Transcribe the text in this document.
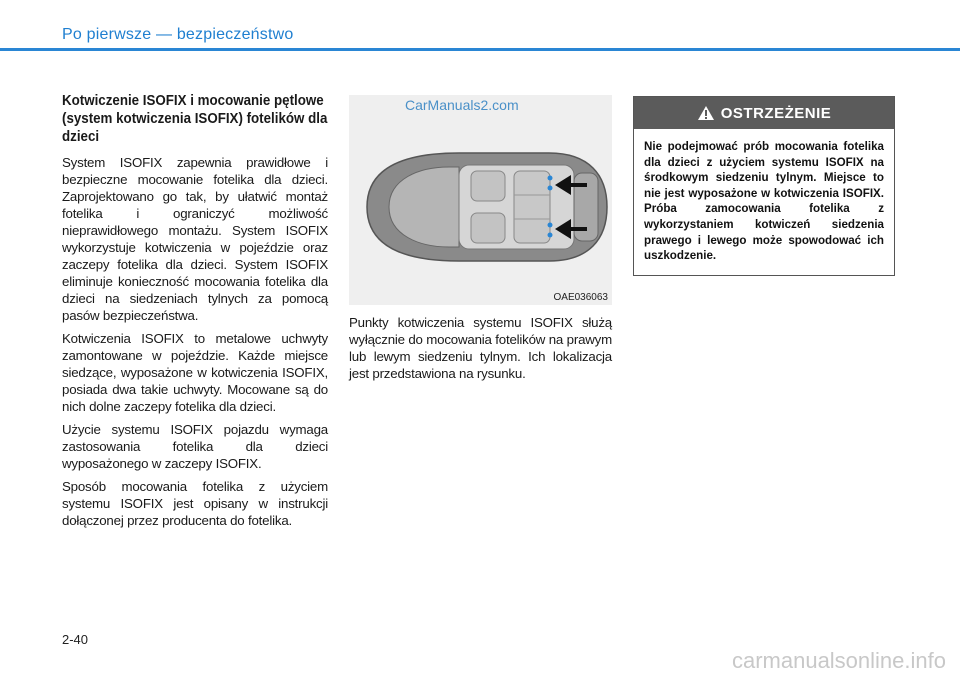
Po pierwsze — bezpieczeństwo
Kotwiczenie ISOFIX i mocowanie pętlowe (system kotwiczenia ISOFIX) fotelików dla dzieci

System ISOFIX zapewnia prawidłowe i bezpieczne mocowanie fotelika dla dzieci. Zaprojektowano go tak, by ułatwić montaż fotelika i ograniczyć możliwość nieprawidłowego montażu. System ISOFIX wykorzystuje kotwiczenia w pojeździe oraz zaczepy fotelika dla dzieci. System ISOFIX eliminuje konieczność mocowania fotelika dla dzieci na siedzeniach tylnych za pomocą pasów bezpieczeństwa.

Kotwiczenia ISOFIX to metalowe uchwyty zamontowane w pojeździe. Każde miejsce siedzące, wyposażone w kotwiczenia ISOFIX, posiada dwa takie uchwyty. Mocowane są do nich dolne zaczepy fotelika dla dzieci.

Użycie systemu ISOFIX pojazdu wymaga zastosowania fotelika dla dzieci wyposażonego w zaczepy ISOFIX.

Sposób mocowania fotelika z użyciem systemu ISOFIX jest opisany w instrukcji dołączonej przez producenta do fotelika.

CarManuals2.com
OAE036063

Punkty kotwiczenia systemu ISOFIX służą wyłącznie do mocowania fotelików na prawym lub lewym siedzeniu tylnym. Ich lokalizacja jest przedstawiona na rysunku.

OSTRZEŻENIE
Nie podejmować prób mocowania fotelika dla dzieci z użyciem systemu ISOFIX na środkowym siedzeniu tylnym. Miejsce to nie jest wyposażone w kotwiczenia ISOFIX. Próba zamocowania fotelika z wykorzystaniem kotwiczeń siedzenia prawego i lewego może spowodować ich uszkodzenie.
2-40
carmanualsonline.info
